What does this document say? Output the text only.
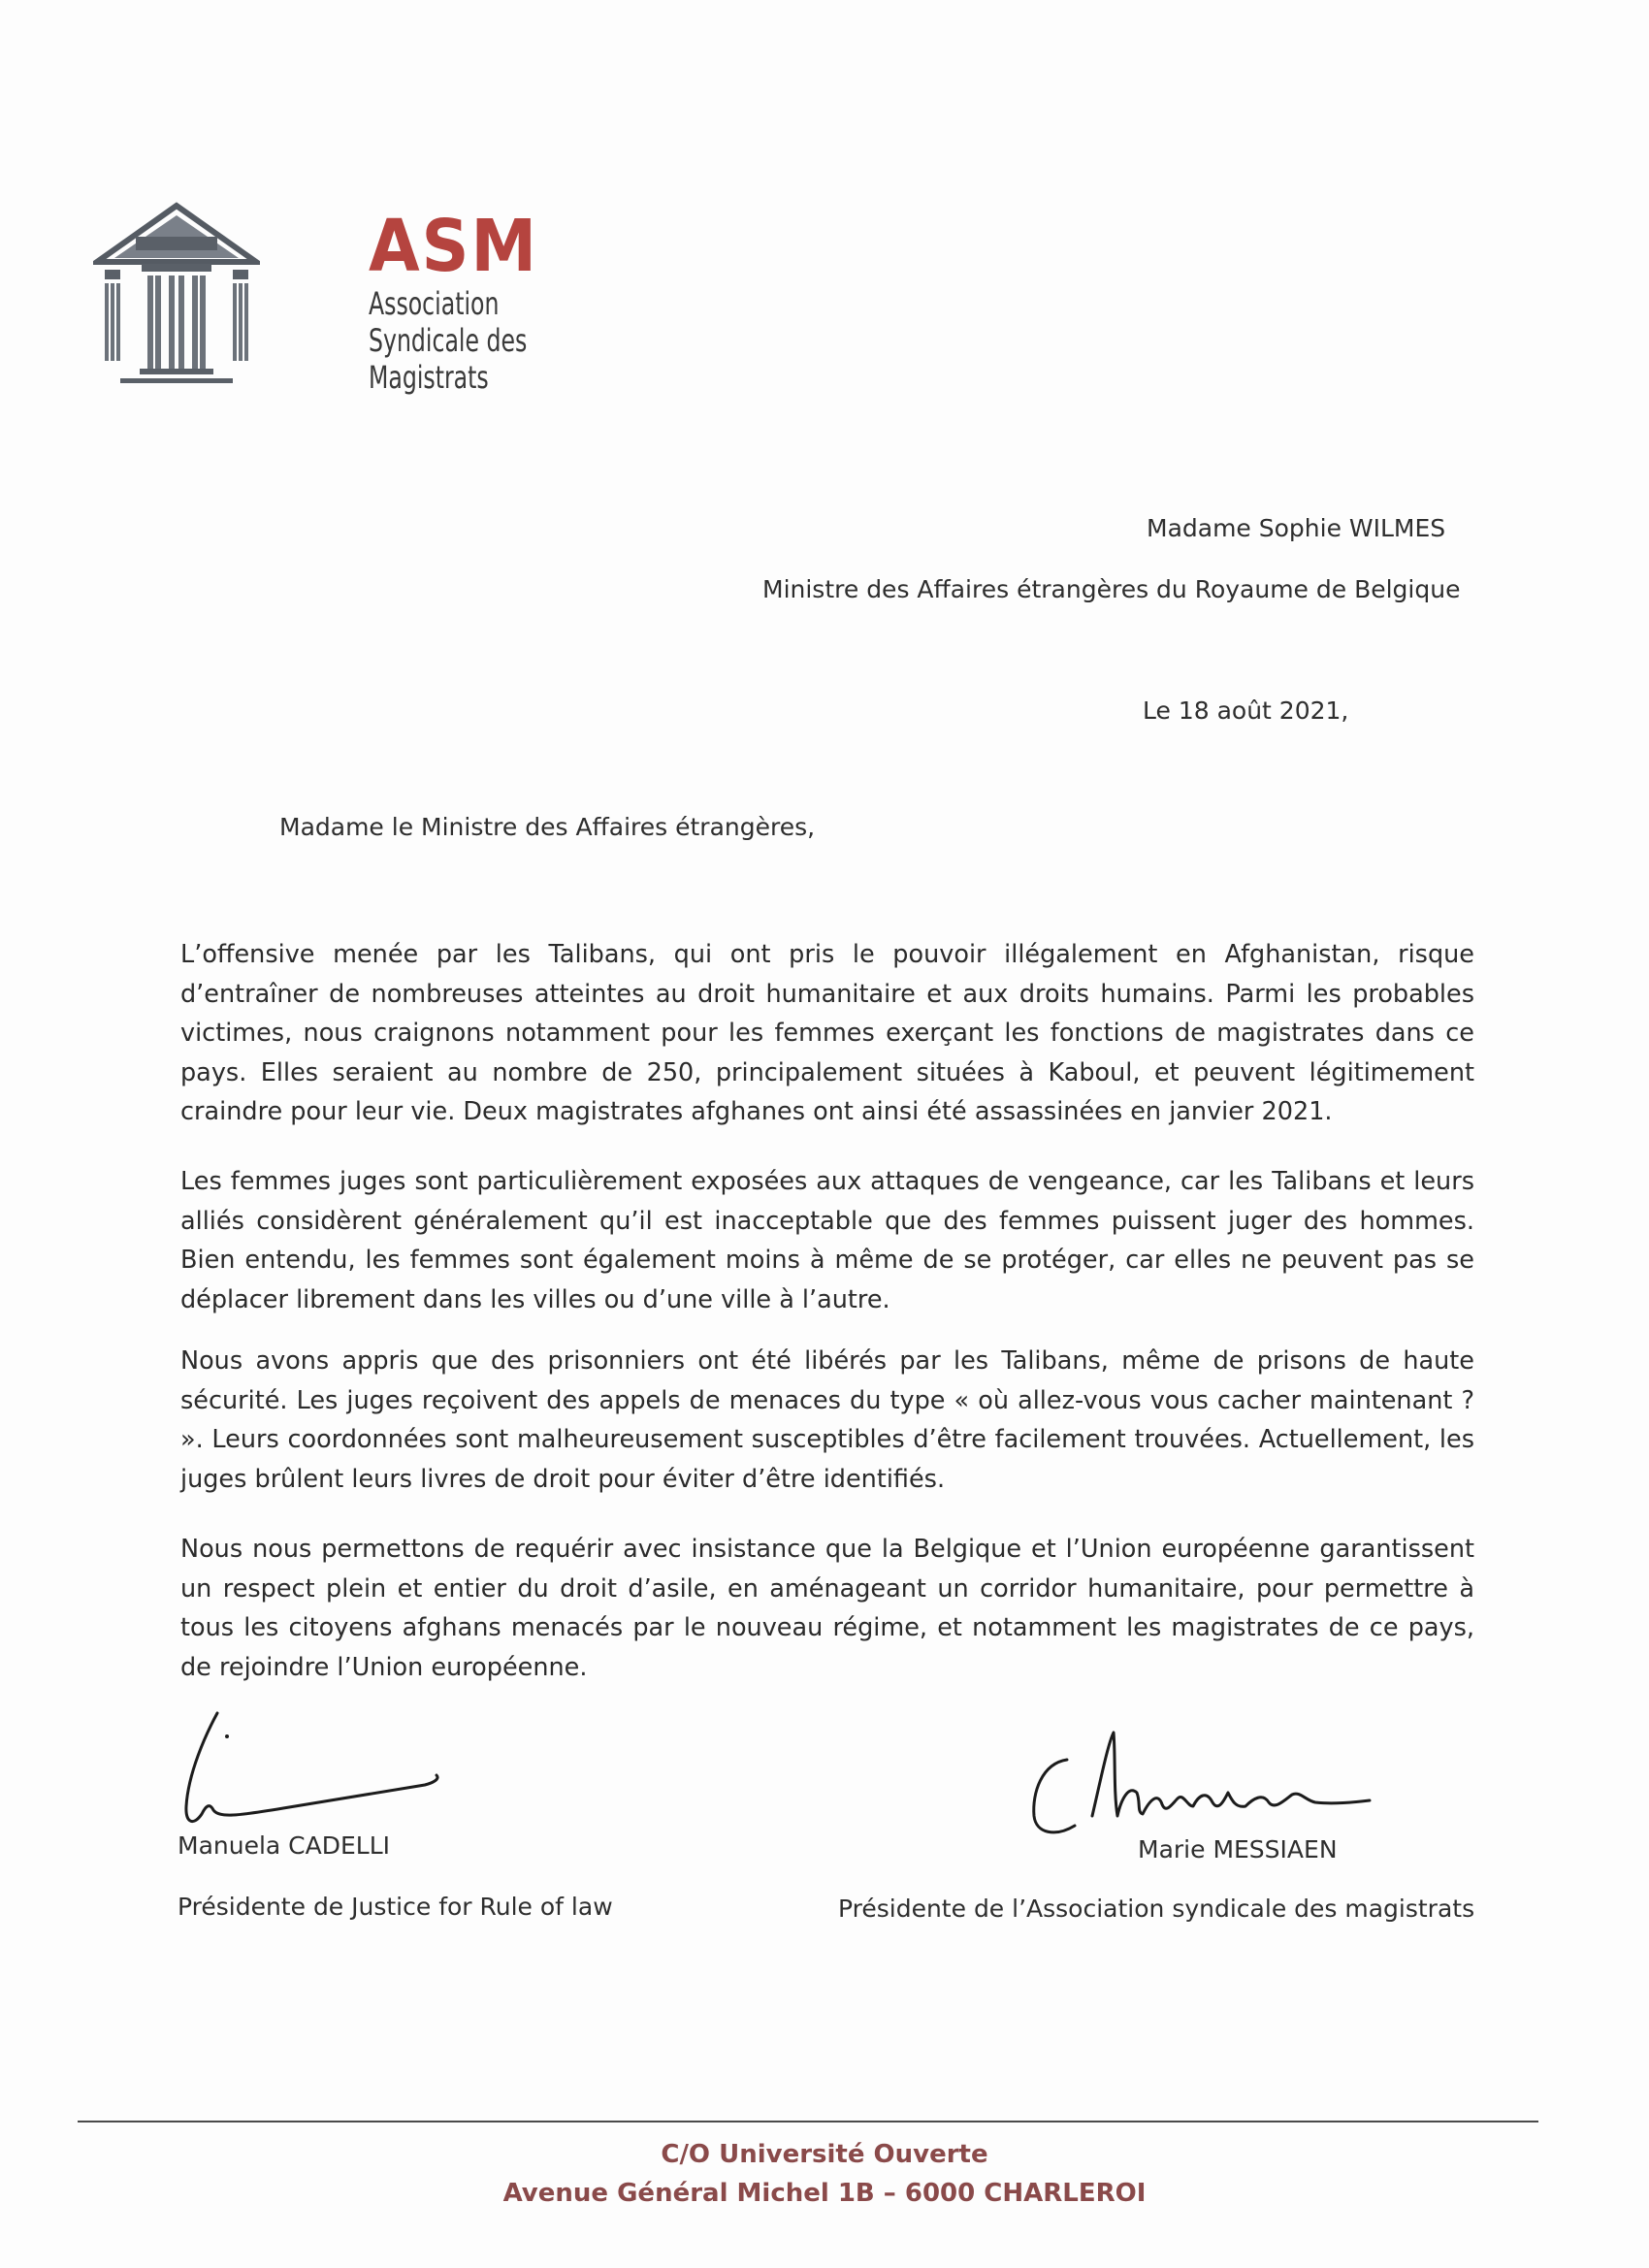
ASM
Association
Syndicale des
Magistrats
Madame Sophie WILMES
Ministre des Affaires étrangères du Royaume de Belgique
Le 18 août 2021,
Madame le Ministre des Affaires étrangères,

L’offensive menée par les Talibans, qui ont pris le pouvoir illégalement en Afghanistan, risque d’entraîner de nombreuses atteintes au droit humanitaire et aux droits humains. Parmi les probables victimes, nous craignons notamment pour les femmes exerçant les fonctions de magistrates dans ce pays. Elles seraient au nombre de 250, principalement situées à Kaboul, et peuvent légitimement craindre pour leur vie. Deux magistrates afghanes ont ainsi été assassinées en janvier 2021.

Les femmes juges sont particulièrement exposées aux attaques de vengeance, car les Talibans et leurs alliés considèrent généralement qu’il est inacceptable que des femmes puissent juger des hommes. Bien entendu, les femmes sont également moins à même de se protéger, car elles ne peuvent pas se déplacer librement dans les villes ou d’une ville à l’autre.

Nous avons appris que des prisonniers ont été libérés par les Talibans, même de prisons de haute sécurité. Les juges reçoivent des appels de menaces du type « où allez-vous vous cacher maintenant ? ». Leurs coordonnées sont malheureusement susceptibles d’être facilement trouvées. Actuellement, les juges brûlent leurs livres de droit pour éviter d’être identifiés.

Nous nous permettons de requérir avec insistance que la Belgique et l’Union européenne garantissent un respect plein et entier du droit d’asile, en aménageant un corridor humanitaire, pour permettre à tous les citoyens afghans menacés par le nouveau régime, et notamment les magistrates de ce pays, de rejoindre l’Union européenne.

Manuela CADELLI
Présidente de Justice for Rule of law
Marie MESSIAEN
Présidente de l’Association syndicale des magistrats
C/O Université Ouverte
Avenue Général Michel 1B – 6000 CHARLEROI
